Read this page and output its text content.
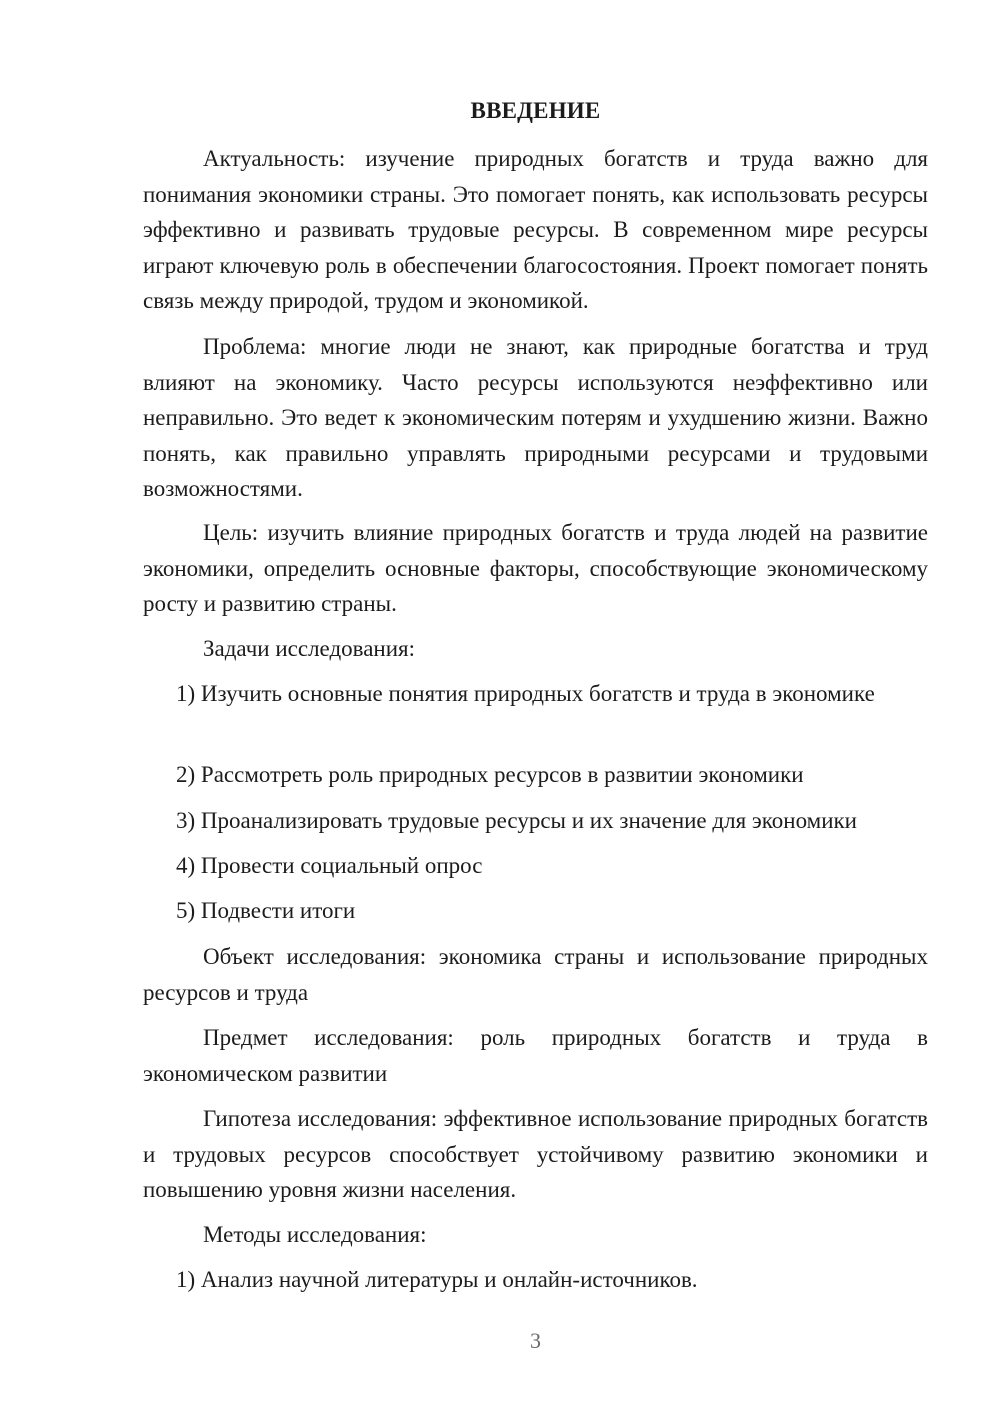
ВВЕДЕНИЕ

Актуальность: изучение природных богатств и труда важно для понимания экономики страны. Это помогает понять, как использовать ресурсы эффективно и развивать трудовые ресурсы. В современном мире ресурсы играют ключевую роль в обеспечении благосостояния. Проект помогает понять связь между природой, трудом и экономикой.

Проблема: многие люди не знают, как природные богатства и труд влияют на экономику. Часто ресурсы используются неэффективно или неправильно. Это ведет к экономическим потерям и ухудшению жизни. Важно понять, как правильно управлять природными ресурсами и трудовыми возможностями.

Цель: изучить влияние природных богатств и труда людей на развитие экономики, определить основные факторы, способствующие экономическому росту и развитию страны.

Задачи исследования:

1) Изучить основные понятия природных богатств и труда в экономике

2) Рассмотреть роль природных ресурсов в развитии экономики

3) Проанализировать трудовые ресурсы и их значение для экономики

4) Провести социальный опрос

5) Подвести итоги

Объект исследования: экономика страны и использование природных ресурсов и труда

Предмет исследования: роль природных богатств и труда в экономическом развитии

Гипотеза исследования: эффективное использование природных богатств и трудовых ресурсов способствует устойчивому развитию экономики и повышению уровня жизни населения.

Методы исследования:

1) Анализ научной литературы и онлайн-источников.

3
